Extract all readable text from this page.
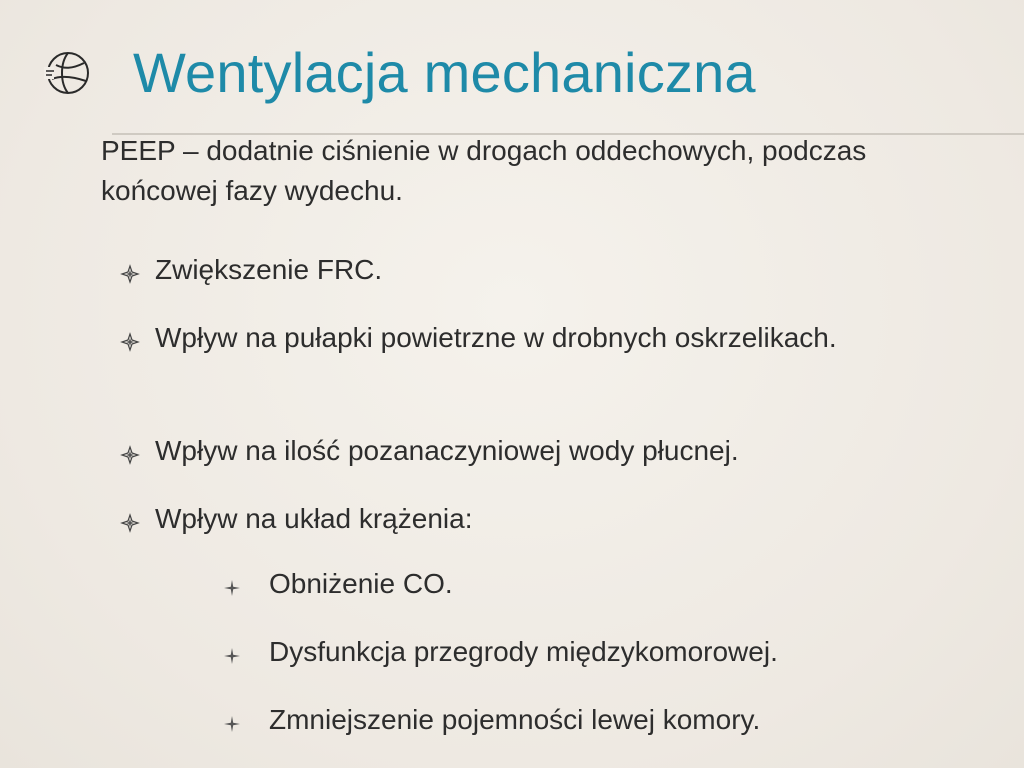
Wentylacja mechaniczna
PEEP – dodatnie ciśnienie w drogach oddechowych, podczas końcowej fazy wydechu.
Zwiększenie FRC.
Wpływ na pułapki powietrzne w drobnych oskrzelikach.
Wpływ na ilość pozanaczyniowej wody płucnej.
Wpływ na układ krążenia:
Obniżenie CO.
Dysfunkcja przegrody międzykomorowej.
Zmniejszenie pojemności lewej komory.
